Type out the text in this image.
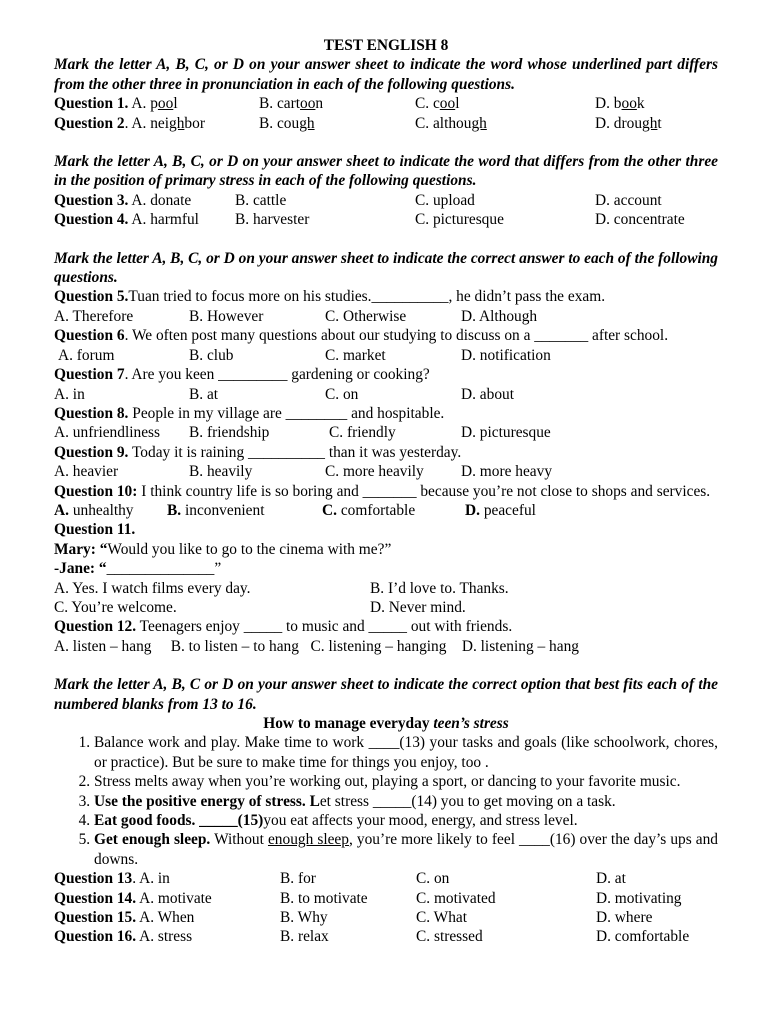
TEST ENGLISH 8
Mark the letter A, B, C, or D on your answer sheet to indicate the word whose underlined part differs from the other three in pronunciation in each of the following questions.
Question 1. A. pool	B. cartoon	C. cool	D. book
Question 2. A. neighbor	B. cough	C. although	D. drought
Mark the letter A, B, C, or D on your answer sheet to indicate the word that differs from the other three in the position of primary stress in each of the following questions.
Question 3. A. donate	B. cattle	C. upload	D. account
Question 4. A. harmful	B. harvester	C. picturesque	D. concentrate
Mark the letter A, B, C, or D on your answer sheet to indicate the correct answer to each of the following questions.
Question 5.Tuan tried to focus more on his studies.__________, he didn’t pass the exam.
A. Therefore	B. However	C. Otherwise	D. Although
Question 6. We often post many questions about our studying to discuss on a _______ after school.
A. forum	B. club	C. market	D. notification
Question 7. Are you keen _________ gardening or cooking?
A. in	B. at	C. on	D. about
Question 8. People in my village are ________ and hospitable.
A. unfriendliness	B. friendship	C. friendly	D. picturesque
Question 9. Today it is raining __________ than it was yesterday.
A. heavier	B. heavily	C. more heavily	D. more heavy
Question 10: I think country life is so boring and _______ because you’re not close to shops and services.
A. unhealthy	B. inconvenient	C. comfortable	D. peaceful
Question 11.
Mary: “Would you like to go to the cinema with me?”
-Jane: “______________”
A. Yes. I watch films every day.	B. I’d love to. Thanks.
C. You’re welcome.	D. Never mind.
Question 12. Teenagers enjoy _____ to music and _____ out with friends.
A. listen – hang     B. to listen – to hang   C. listening – hanging    D. listening – hang
Mark the letter A, B, C or D on your answer sheet to indicate the correct option that best fits each of the numbered blanks from 13 to 16.
How to manage everyday teen’s stress
1. Balance work and play. Make time to work ____(13) your tasks and goals (like schoolwork, chores, or practice). But be sure to make time for things you enjoy, too .
2. Stress melts away when you’re working out, playing a sport, or dancing to your favorite music.
3. Use the positive energy of stress. Let stress _____(14) you to get moving on a task.
4. Eat good foods. _____(15)you eat affects your mood, energy, and stress level.
5. Get enough sleep. Without enough sleep, you’re more likely to feel ____(16) over the day’s ups and downs.
Question 13. A. in	B. for	C. on	D. at
Question 14. A. motivate	B. to motivate	C. motivated	D. motivating
Question 15. A. When	B. Why	C. What	D. where
Question 16. A. stress	B. relax	C. stressed	D. comfortable
